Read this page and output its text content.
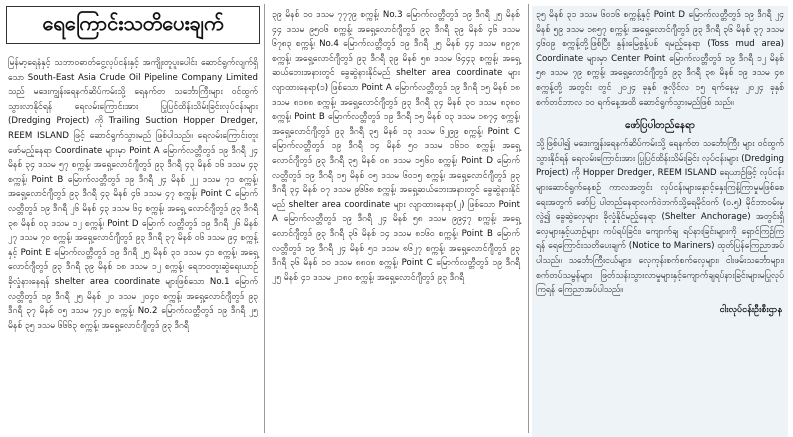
ရေကြောင်းသတိပေးချက်

မြန်မာ့ရေနံနှင့် သဘာဝဓာတ်ငွေ့လုပ်ငန်းနှင့် အကျိုးတူပူးပေါင်း ဆောင်ရွက်လျက်ရှိသော South-East Asia Crude Oil Pipeline Company Limited သည် မဒေးကျွန်းရေနက်ဆိပ်ကမ်းသို့ ရေနက်တ သင်္ဘောကြီးများ ဝင်ထွက်သွားလာနိုင်ရန် ရေလမ်းကြောင်းအား ပြုပြင်ထိန်းသိမ်းခြင်းလုပ်ငန်းများ (Dredging Project) ကို Trailing Suction Hopper Dredger, REEM ISLAND ဖြင့် ဆောင်ရွက်သွားမည် ဖြစ်ပါသည်။ ရေလမ်းကြောင်းတူးဖော်မည့်နေရာ Coordinate များမှာ Point A မြောက်လတ္တီတွဒ် ၁၉ ဒီဂရီ ၂၄ မိနစ် ၃၄ ဒသမ ၅၇ စက္ကန့်၊ အရှေ့လောင်ဂျီတွဒ် ၉၃ ဒီဂရီ ၄၃ မိနစ် ၁၆ ဒသမ ၄၃ စက္ကန့်၊ Point B မြောက်လတ္တီတွဒ် ၁၉ ဒီဂရီ ၂၄ မိနစ် ၂၂ ဒသမ ၇၁ စက္ကန့်၊ အရှေ့လောင်ဂျီတွဒ် ၉၃ ဒီဂရီ ၄၃ မိနစ် ၄၆ ဒသမ ၄၇ စက္ကန့်၊ Point C မြောက်လတ္တီတွဒ် ၁၉ ဒီဂရီ ၂၆ မိနစ် ၄၃ ဒသမ ၆၄ စက္ကန့်၊ အရှေ့ လောင်ဂျီတွဒ် ၉၃ ဒီဂရီ ၃၈ မိနစ် ၀၃ ဒသမ ၁၂ စက္ကန့်၊ Point D မြောက် လတ္တီတွဒ် ၁၉ ဒီဂရီ ၂၆ မိနစ် ၂၇ ဒသမ ၇၀ စက္ကန့်၊ အရှေ့လောင်ဂျီတွဒ် ၉၃ ဒီဂရီ ၃၇ မိနစ် ၀၆ ဒသမ ၉၄ စက္ကန့်နှင့် Point E မြောက်လတ္တီတွဒ် ၁၉ ဒီဂရီ ၂၅ မိနစ် ၃၁ ဒသမ ၄၁ စက္ကန့်၊ အရှေ့လောင်ဂျီတွဒ် ၉၃ ဒီဂရီ ၃၉ မိနစ် ၁၈ ဒသမ ၁၂ စက္ကန့်၊ ရေဘဝတူးဆွဲရေးယာဉ် ခိုလှုံနားနေရန် shelter area coordinate များဖြစ်သော No.1 မြောက်လတ္တီတွဒ် ၁၉ ဒီဂရီ ၂၅ မိနစ် ၂၀ ဒသမ ၂၀၄၀ စက္ကန့်၊ အရှေ့လောင်ဂျီတွဒ် ၉၃ ဒီဂရီ ၃၇ မိနစ် ၀၅ ဒသမ ၇၄၂၀ စက္ကန့်၊ No.2 မြောက်လတ္တီတွဒ် ၁၉ ဒီဂရီ ၂၅ မိနစ် ၃၅ ဒသမ ၆၆၆၃ စက္ကန့်၊ အရှေ့လောင်ဂျီတွဒ် ၉၃ ဒီဂရီ

၃၉ မိနစ် ၁၀ ဒသမ ၇၇၇၉ စက္ကန့်၊ No.3 မြောက်လတ္တီတွဒ် ၁၉ ဒီဂရီ ၂၅ မိနစ် ၄၄ ဒသမ ၉၅၀၆ စက္ကန့်၊ အရှေ့လောင်ဂျီတွဒ် ၉၃ ဒီဂရီ ၃၉ မိနစ် ၄၆ ဒသမ ၆၇၈၃ စက္ကန့်၊ No.4 မြောက်လတ္တီတွဒ် ၁၉ ဒီဂရီ ၂၅ မိနစ် ၄၄ ဒသမ ၈၉၇၈ စက္ကန့်၊ အရှေ့လောင်ဂျီတွဒ် ၉၃ ဒီဂရီ ၃၉ မိနစ် ၅၈ ဒသမ ၆၄၄၃ စက္ကန့်၊ အရှေ့ဆယ်ဘေးအနားတွင် ခွေဆွဲနားနိုင်မည် shelter area coordinate များ လျာထားနေရာ(၁) ဖြစ်သော Point A မြောက်လတ္တီတွဒ် ၁၉ ဒီဂရီ ၁၅ မိနစ် ၁၈ ဒသမ ၈၁၈၈ စက္ကန့်၊ အရှေ့လောင်ဂျီတွဒ် ၉၃ ဒီဂရီ ၃၄ မိနစ် ၃၀ ဒသမ ၈၃၈၀ စက္ကန့်၊ Point B မြောက်လတ္တီတွဒ် ၁၉ ဒီဂရီ ၁၅ မိနစ် ၀၃ ဒသမ ၁၈၇၄ စက္ကန့်၊ အရှေ့လောင်ဂျီတွဒ် ၉၃ ဒီဂရီ ၃၅ မိနစ် ၁၃ ဒသမ ၆၂၉၉ စက္ကန့်၊ Point C မြောက်လတ္တီတွဒ် ၁၉ ဒီဂရီ ၁၄ မိနစ် ၅၀ ဒသမ ၁၆၁၀ စက္ကန့်၊ အရှေ့လောင်ဂျီတွဒ် ၉၃ ဒီဂရီ ၃၅ မိနစ် ၀၈ ဒသမ ၁၅၆၀ စက္ကန့်၊ Point D မြောက်လတ္တီတွဒ် ၁၉ ဒီဂရီ ၁၅ မိနစ် ၀၅ ဒသမ ၆၀၁၅ စက္ကန့်၊ အရှေ့လောင်ဂျီတွဒ် ၉၃ ဒီဂရီ ၃၄ မိနစ် ၀၇ ဒသမ ၉၆၆၈ စက္ကန့်၊ အရှေ့ဆယ်ဘေးအနားတွင် ခွေဆွဲနားနိုင်မည် shelter area coordinate များ လျာထားနေရာ(၂) ဖြစ်သော Point A မြောက်လတ္တီတွဒ် ၁၉ ဒီဂရီ ၂၄ မိနစ် ၅၈ ဒသမ ၉၉၄၇ စက္ကန့်၊ အရှေ့လောင်ဂျီတွဒ် ၉၃ ဒီဂရီ ၃၆ မိနစ် ၁၄ ဒသမ ၈၁၆၀ စက္ကန့်၊ Point B မြောက်လတ္တီတွဒ် ၁၉ ဒီဂရီ ၂၄ မိနစ် ၅၁ ဒသမ ၈၆၂၇ စက္ကန့်၊ အရှေ့လောင်ဂျီတွဒ် ၉၃ ဒီဂရီ ၃၆ မိနစ် ၁၀ ဒသမ ၈၈၀၈ စက္ကန့်၊ Point C မြောက်လတ္တီတွဒ် ၁၉ ဒီဂရီ ၂၅ မိနစ် ၄၁ ဒသမ ၂၁၈၀ စက္ကန့်၊ အရှေ့လောင်ဂျီတွဒ် ၉၃ ဒီဂရီ

၃၅ မိနစ် ၃၁ ဒသမ ၆၀၁၆ စက္ကန့်နှင့် Point D မြောက်လတ္တီတွဒ် ၁၉ ဒီဂရီ ၂၄ မိနစ် ၅၉ ဒသမ ၁၈၅၇ စက္ကန့်၊ အရှေ့လောင်ဂျီတွဒ် ၉၃ ဒီဂရီ ၃၆ မိနစ် ၃၇ ဒသမ ၄၆၀၉ စက္ကန့်တို့ဖြစ်ပြီး နွန်းမြေစွန့်ပစ် ရမည့်နေရာ (Toss mud area) Coordinate များမှာ Center Point မြောက်လတ္တီတွဒ် ၁၉ ဒီဂရီ ၁၂ မိနစ် ၅၈ ဒသမ ၇၉ စက္ကန့်၊ အရှေ့လောင်ဂျီတွဒ် ၉၃ ဒီဂရီ ၃၈ မိနစ် ၁၉ ဒသမ ၄၈ စက္ကန့်တို့ အတွင်း တွင် ၂၀၂၄ ခုနှစ် ဇူလိုင်လ ၁၅ ရက်နေ့မှ ၂၀၂၄ ခုနှစ် စက်တင်ဘာလ ၁၀ ရက်နေ့အထိ ဆောင်ရွက်သွားမည်ဖြစ် သည်။

ဖော်ပြပါတည်နေရာ

သို့ဖြစ်ပါ၍ မဒေးကျွန်းရေနက်ဆိပ်ကမ်းသို့ ရေနက်တ သင်္ဘောကြီး များ ဝင်ထွက်သွားနိုင်ရန် ရေလမ်းကြောင်းအား ပြုပြင်ထိန်းသိမ်းခြင်း လုပ်ငန်းများ (Dredging Project) ကို Hopper Dredger, REEM ISLAND ရေယာဉ်ဖြင့် လုပ်ငန်းများဆောင်ရွက်နေစဉ် ကာလအတွင်း လုပ်ငန်းများနှောင့်နှေးကြန့်ကြာမှုမဖြစ်စေရေးအတွက် ဖော်ပြ ပါတည်နေရာလက်ဝဲဘက်သို့ရေမိုင်ဝက် (၀.၅) မိုင်ဘာဝမ်းမှလွဲ၍ ခွေဆွဲလှေများ ခိုလှုံနိုင်မည့်နေရာ (Shelter Anchorage) အတွင်းရှိ လှေများနှင့်ယာဉ်များ ကပ်ရပ်ခြင်း၊ ကျောက်ချ ရပ်နားခြင်းများကို ရှောင်ကြဉ်ကြရန် ရေကြောင်းသတိပေးချက် (Notice to Mariners) ထုတ်ပြန်ကြေညာအပ်ပါသည်။ သင်္ဘောကြီးငယ်များ၊ လှေကုန်းစက်စက်လှေများ၊ ငါးဖမ်းသင်္ဘောများ၊ စက်တပ်သမ္ဗန်များ ဖြတ်သန်းသွားလာမှုများနှင့်ကျောက်ချရပ်နားခြင်းများမပြုလုပ်ကြရန် ကြေညာအပ်ပါသည်။

ငါးလုပ်ငန်းဦးစီးဌာန
